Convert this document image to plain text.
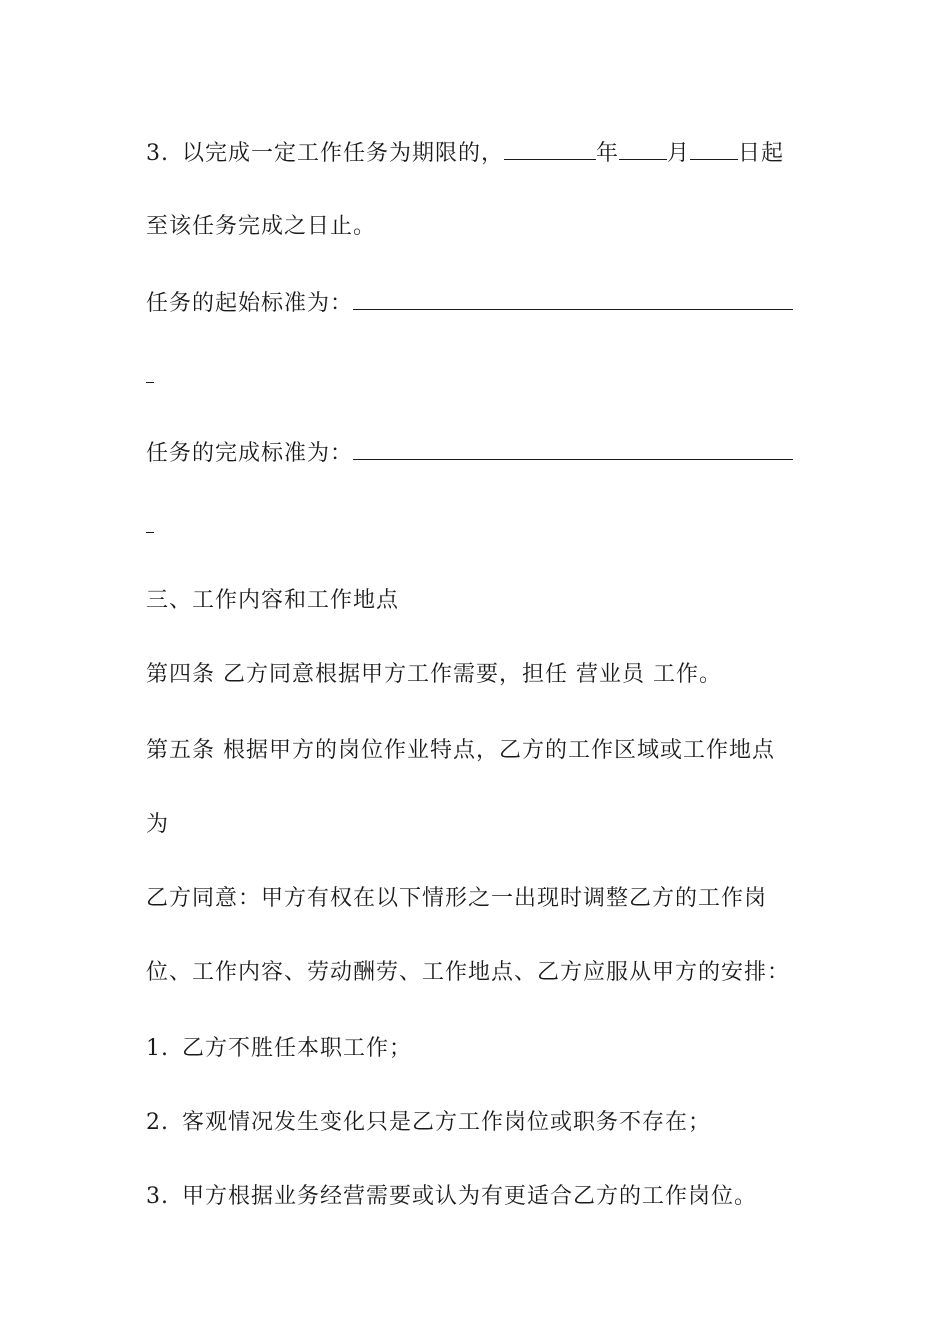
3. 以完成一定工作任务为期限的，	年 月 日起
至该任务完成之日止。
任务的起始标准为：
任务的完成标准为：
三、工作内容和工作地点
第四条 乙方同意根据甲方工作需要，担任 营业员 工作。
第五条 根据甲方的岗位作业特点，乙方的工作区域或工作地点
为
乙方同意：甲方有权在以下情形之一出现时调整乙方的工作岗
位、工作内容、劳动酬劳、工作地点、乙方应服从甲方的安排：
1. 乙方不胜任本职工作；
2. 客观情况发生变化只是乙方工作岗位或职务不存在；
3. 甲方根据业务经营需要或认为有更适合乙方的工作岗位。
